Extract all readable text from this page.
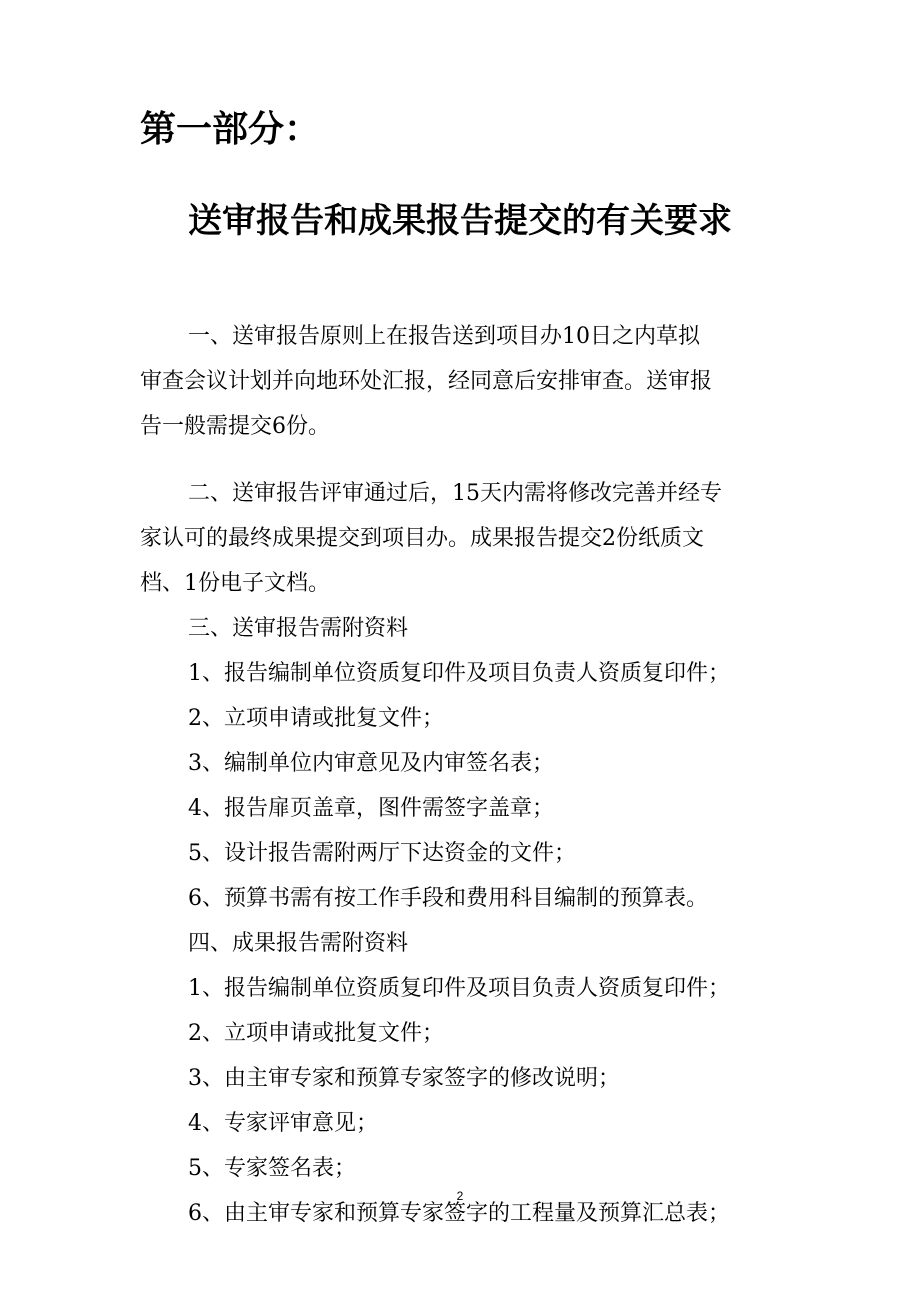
第一部分：
送审报告和成果报告提交的有关要求

一、送审报告原则上在报告送到项目办10日之内草拟
审查会议计划并向地环处汇报，经同意后安排审查。送审报
告一般需提交6份。

二、送审报告评审通过后，15天内需将修改完善并经专
家认可的最终成果提交到项目办。成果报告提交2份纸质文
档、1份电子文档。

三、送审报告需附资料

1、报告编制单位资质复印件及项目负责人资质复印件；

2、立项申请或批复文件；

3、编制单位内审意见及内审签名表；

4、报告扉页盖章，图件需签字盖章；

5、设计报告需附两厅下达资金的文件；

6、预算书需有按工作手段和费用科目编制的预算表。

四、成果报告需附资料

1、报告编制单位资质复印件及项目负责人资质复印件；

2、立项申请或批复文件；

3、由主审专家和预算专家签字的修改说明；

4、专家评审意见；

5、专家签名表；

6、由主审专家和预算专家签字的工程量及预算汇总表；

2
